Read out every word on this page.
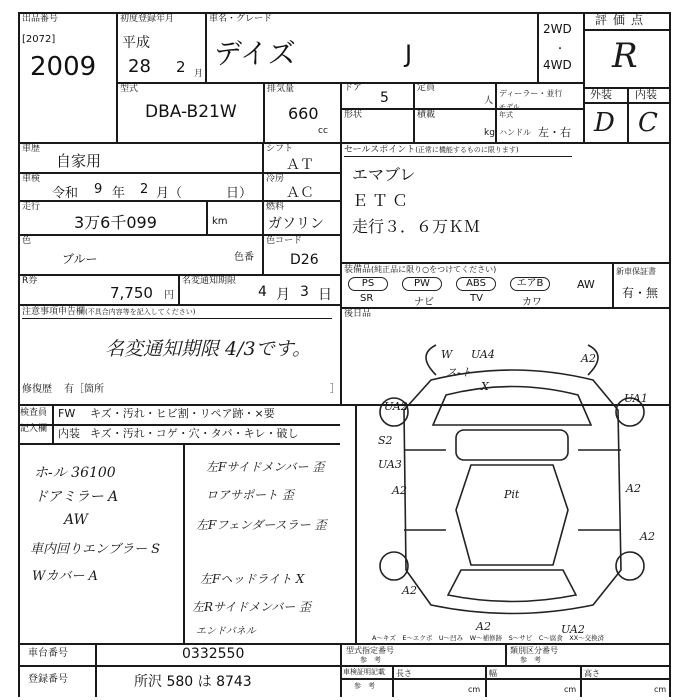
出品番号
[2072]
2009
初度登録年月
平成
28 2 月
車名・グレード
デイズ	J
2WD
・
4WD
評価点
R
外装 内装
D C
型式
DBA-B21W
排気量
660
cc
ドア
5
定員
人
形状	積載
kg
ディーラー・並行
モデル
年式
ハンドル 左・右
車歴
自家用
シフト
ＡＴ
車検
令和 9 年 2 月（	日）
冷房
ＡＣ
走行
3万6千099	km
燃料
ガソリン
色
ブルー	色番
色コード
D26
R券
7,750 円
名変通知期限
4 月 3 日
セールスポイント(正常に機能するものに限ります)
エマブレ
ＥＴＣ
走行３．６万ＫＭ
装備品(純正品に限り○をつけてください)
PS	PW	ABS	エアB	AW
SR	ナビ	TV	カワ
新車保証書
有・無
後日品
注意事項申告欄(不具合内容等を記入してください)
名変通知期限 4/3です。
修復歴 有［箇所	］
検査員
記入欄
FW キズ・汚れ・ヒビ割・リペア跡・×要
内装 キズ・汚れ・コゲ・穴・タバ・キレ・破し
ホ-ル 36100
ドアミラー A
AW
車内回りエンブラー S
Wカバー A
左Fサイドメンバー 歪
ロアサポート 歪
左Fフェンダースラー 歪
左Fヘッドライト X
左Rサイドメンバー 歪
エンドパネル
W UA4	A2
ス-ト
X
UA2
UA1
S2
UA3
A2	Pit	A2
A2
A2
A2	UA2
A～キズ　E～エクボ　U～凹み　W～補修跡　S～サビ　C～腐食　XX～交換済
車台番号	0332550
登録番号	所沢 580 は 8743
型式指定番号
参　考
類別区分番号
参　考
車検証明記載
参　考
長さ
cm
幅
cm
高さ
cm
